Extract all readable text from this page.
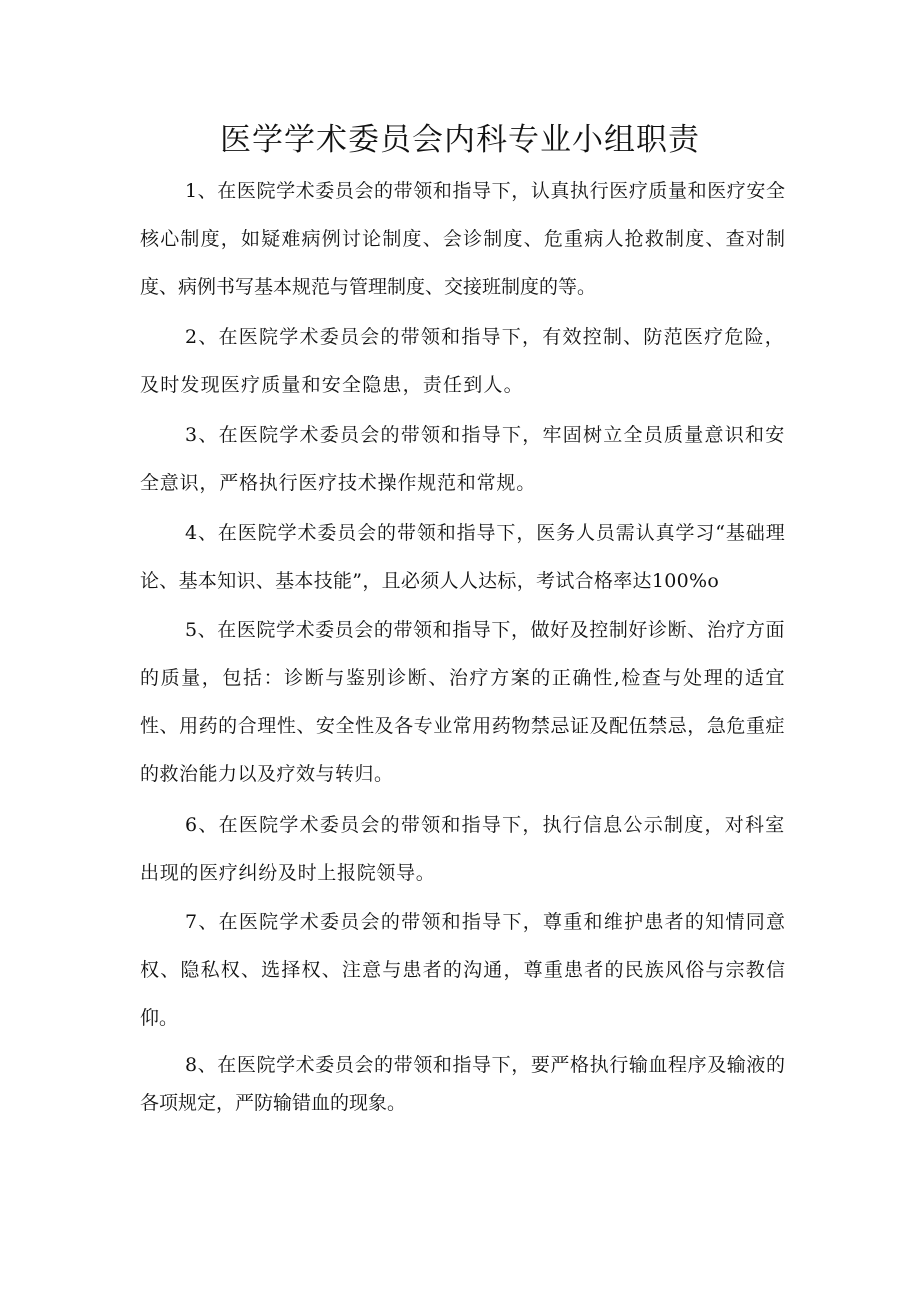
医学学术委员会内科专业小组职责

1、在医院学术委员会的带领和指导下，认真执行医疗质量和医疗安全核心制度，如疑难病例讨论制度、会诊制度、危重病人抢救制度、查对制度、病例书写基本规范与管理制度、交接班制度的等。

2、在医院学术委员会的带领和指导下，有效控制、防范医疗危险，及时发现医疗质量和安全隐患，责任到人。

3、在医院学术委员会的带领和指导下，牢固树立全员质量意识和安全意识，严格执行医疗技术操作规范和常规。

4、在医院学术委员会的带领和指导下，医务人员需认真学习“基础理论、基本知识、基本技能”，且必须人人达标，考试合格率达100%o

5、在医院学术委员会的带领和指导下，做好及控制好诊断、治疗方面的质量，包括：诊断与鉴别诊断、治疗方案的正确性,检查与处理的适宜性、用药的合理性、安全性及各专业常用药物禁忌证及配伍禁忌，急危重症的救治能力以及疗效与转归。

6、在医院学术委员会的带领和指导下，执行信息公示制度，对科室出现的医疗纠纷及时上报院领导。

7、在医院学术委员会的带领和指导下，尊重和维护患者的知情同意权、隐私权、选择权、注意与患者的沟通，尊重患者的民族风俗与宗教信仰。

8、在医院学术委员会的带领和指导下，要严格执行输血程序及输液的各项规定，严防输错血的现象。
